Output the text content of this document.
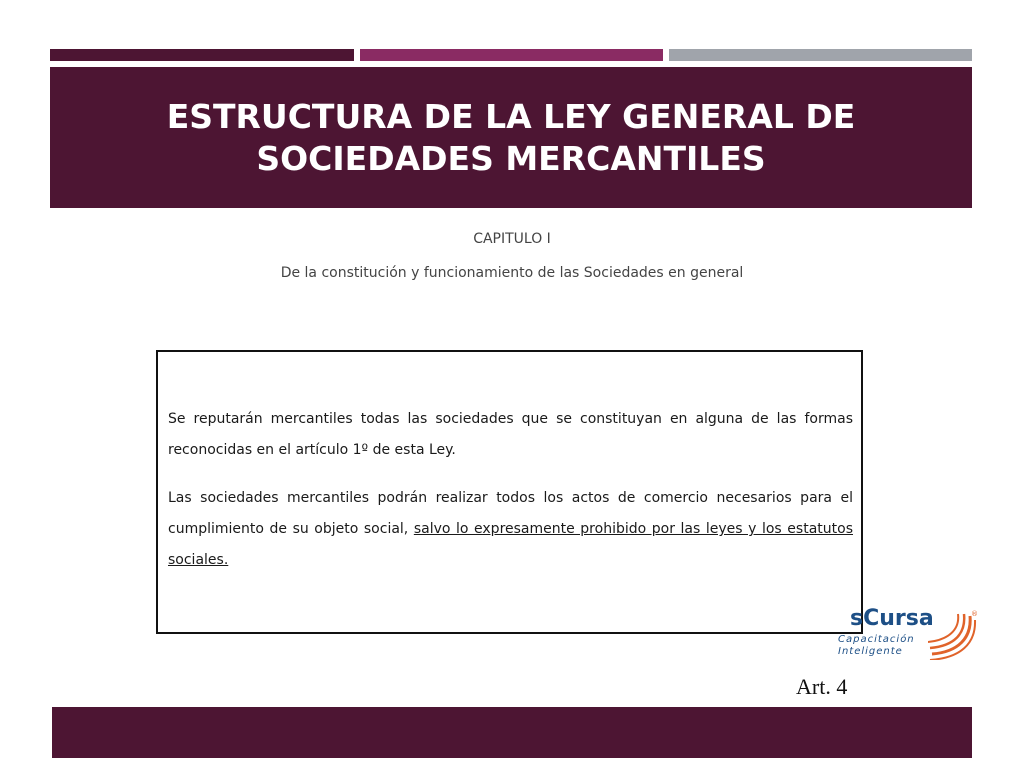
ESTRUCTURA DE LA LEY GENERAL DE SOCIEDADES MERCANTILES
CAPITULO I
De la constitución y funcionamiento de las Sociedades en general

Se reputarán mercantiles todas las sociedades que se constituyan en alguna de las formas reconocidas en el artículo 1º de esta Ley.

Las sociedades mercantiles podrán realizar todos los actos de comercio necesarios para el cumplimiento de su objeto social, salvo lo expresamente prohibido por las leyes y los estatutos sociales.

sCursa
Capacitación
Inteligente
®
Art. 4
